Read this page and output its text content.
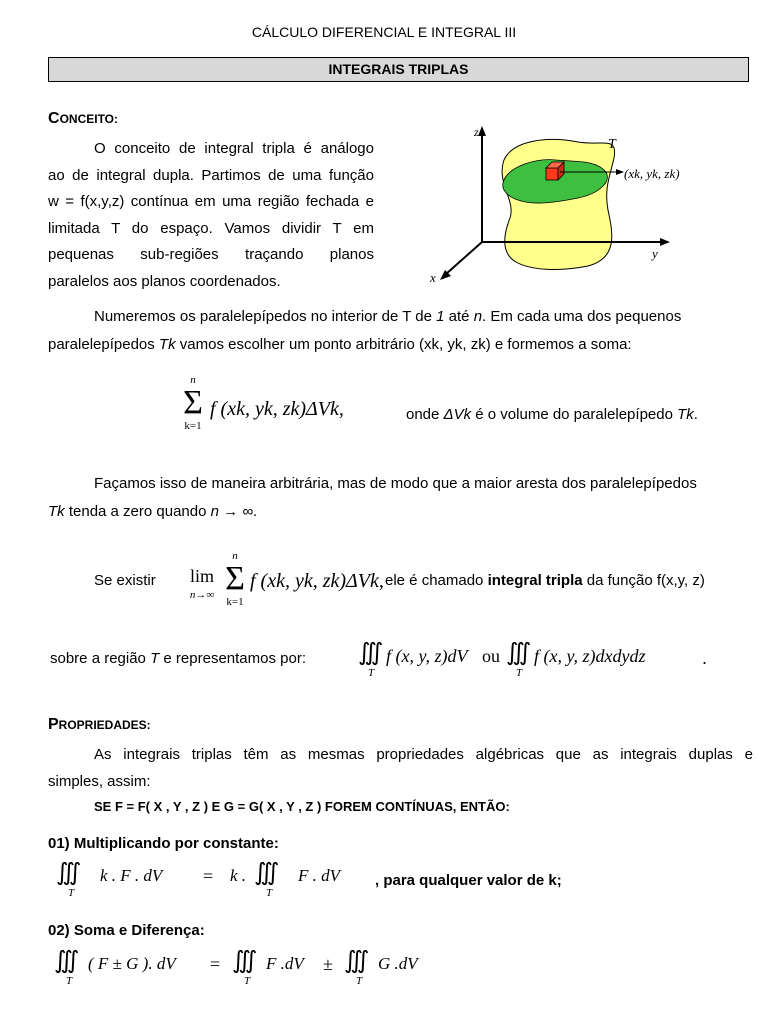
CÁLCULO DIFERENCIAL E INTEGRAL III
INTEGRAIS TRIPLAS
CONCEITO:
O conceito de integral tripla é análogo
ao de integral dupla. Partimos de uma função
w = f(x,y,z) contínua em uma região fechada e
limitada T do espaço. Vamos dividir T em
pequenas sub-regiões traçando planos
paralelos aos planos coordenados.
z
y
x
T
(xk, yk, zk)
Numeremos os paralelepípedos no interior de T de 1 até n. Em cada uma dos pequenos
paralelepípedos Tk vamos escolher um ponto arbitrário (xk, yk, zk) e formemos a soma:
n
Σ
k=1
f (xk, yk, zk)ΔVk,	onde ΔVk é o volume do paralelepípedo Tk.
Façamos isso de maneira arbitrária, mas de modo que a maior aresta dos paralelepípedos
Tk tenda a zero quando n → ∞.
Se existir lim
n→∞
n
Σ
k=1
f (xk, yk, zk)ΔVk, ele é chamado integral tripla da função f(x,y, z)
sobre a região T e representamos por: ∭
T
f (x, y, z)dV ou ∭
T
f (x, y, z)dxdydz	.
PROPRIEDADES:
As integrais triplas têm as mesmas propriedades algébricas que as integrais duplas e
simples, assim:
SE F = F( X , Y , Z ) E G = G( X , Y , Z ) FOREM CONTÍNUAS, ENTÃO:
01) Multiplicando por constante:
∭
T
k . F . dV = k . ∭
T
F . dV , para qualquer valor de k;
02) Soma e Diferença:
∭
T
( F ± G ). dV = ∭
T
F .dV ± ∭
T
G .dV
